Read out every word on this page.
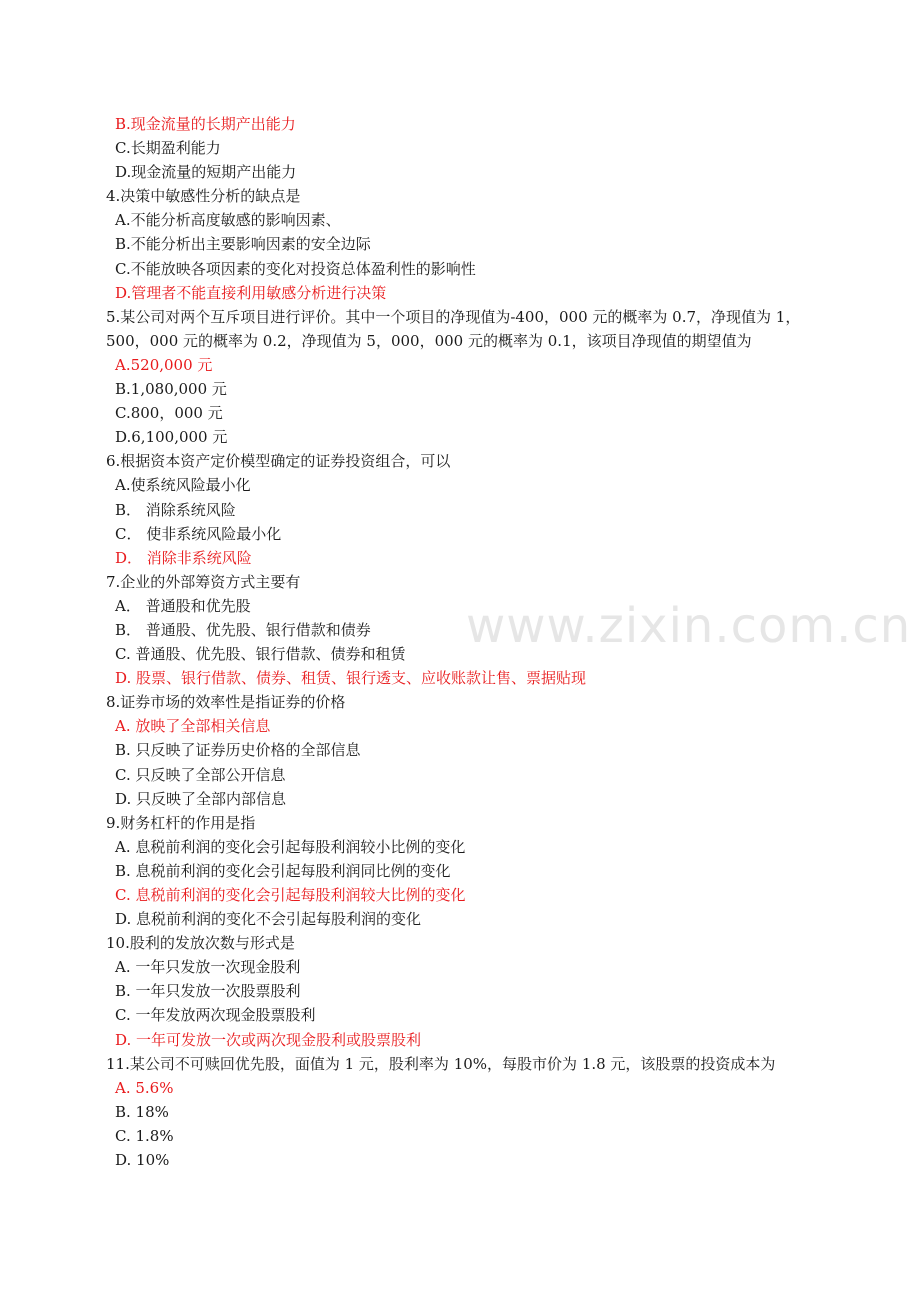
B.现金流量的长期产出能力
C.长期盈利能力
D.现金流量的短期产出能力
4.决策中敏感性分析的缺点是
A.不能分析高度敏感的影响因素、
B.不能分析出主要影响因素的安全边际
C.不能放映各项因素的变化对投资总体盈利性的影响性
D.管理者不能直接利用敏感分析进行决策
5.某公司对两个互斥项目进行评价。其中一个项目的净现值为-400，000 元的概率为 0.7，净现值为 1，500，000 元的概率为 0.2，净现值为 5，000，000 元的概率为 0.1，该项目净现值的期望值为
A.520,000 元
B.1,080,000 元
C.800，000 元
D.6,100,000 元
6.根据资本资产定价模型确定的证券投资组合，可以
A.使系统风险最小化
B． 消除系统风险
C． 使非系统风险最小化
D． 消除非系统风险
7.企业的外部筹资方式主要有
A． 普通股和优先股
B． 普通股、优先股、银行借款和债券
C. 普通股、优先股、银行借款、债券和租赁
D. 股票、银行借款、债券、租赁、银行透支、应收账款让售、票据贴现
8.证券市场的效率性是指证券的价格
A. 放映了全部相关信息
B. 只反映了证券历史价格的全部信息
C. 只反映了全部公开信息
D. 只反映了全部内部信息
9.财务杠杆的作用是指
A. 息税前利润的变化会引起每股利润较小比例的变化
B. 息税前利润的变化会引起每股利润同比例的变化
C. 息税前利润的变化会引起每股利润较大比例的变化
D. 息税前利润的变化不会引起每股利润的变化
10.股利的发放次数与形式是
A. 一年只发放一次现金股利
B. 一年只发放一次股票股利
C. 一年发放两次现金股票股利
D. 一年可发放一次或两次现金股利或股票股利
11.某公司不可赎回优先股，面值为 1 元，股利率为 10%，每股市价为 1.8 元，该股票的投资成本为
A. 5.6%
B. 18%
C. 1.8%
D. 10%
www.zixin.com.cn
